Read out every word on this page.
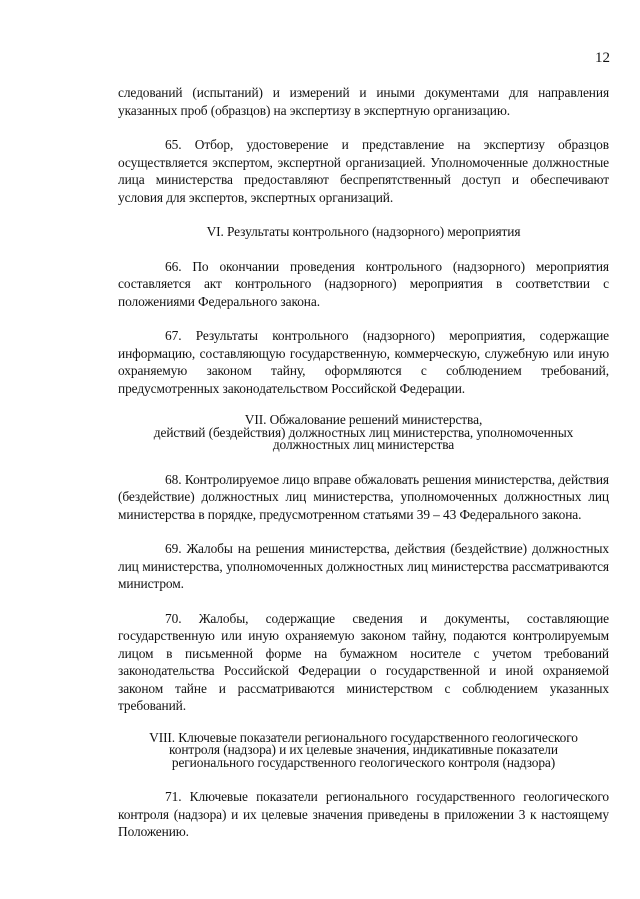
12

следований (испытаний) и измерений и иными документами для направления указанных проб (образцов) на экспертизу в экспертную организацию.

65. Отбор, удостоверение и представление на экспертизу образцов осуществляется экспертом, экспертной организацией. Уполномоченные должностные лица министерства предоставляют беспрепятственный доступ и обеспечивают условия для экспертов, экспертных организаций.

VI. Результаты контрольного (надзорного) мероприятия

66. По окончании проведения контрольного (надзорного) мероприятия составляется акт контрольного (надзорного) мероприятия в соответствии с положениями Федерального закона.

67. Результаты контрольного (надзорного) мероприятия, содержащие информацию, составляющую государственную, коммерческую, служебную или иную охраняемую законом тайну, оформляются с соблюдением требований, предусмотренных законодательством Российской Федерации.

VII. Обжалование решений министерства,
действий (бездействия) должностных лиц министерства, уполномоченных
должностных лиц министерства

68. Контролируемое лицо вправе обжаловать решения министерства, действия (бездействие) должностных лиц министерства, уполномоченных должностных лиц министерства в порядке, предусмотренном статьями 39 – 43 Федерального закона.

69. Жалобы на решения министерства, действия (бездействие) должностных лиц министерства, уполномоченных должностных лиц министерства рассматриваются министром.

70. Жалобы, содержащие сведения и документы, составляющие государственную или иную охраняемую законом тайну, подаются контролируемым лицом в письменной форме на бумажном носителе с учетом требований законодательства Российской Федерации о государственной и иной охраняемой законом тайне и рассматриваются министерством с соблюдением указанных требований.

VIII. Ключевые показатели регионального государственного геологического
контроля (надзора) и их целевые значения, индикативные показатели
регионального государственного геологического контроля (надзора)

71. Ключевые показатели регионального государственного геологического контроля (надзора) и их целевые значения приведены в приложении 3 к настоящему Положению.
